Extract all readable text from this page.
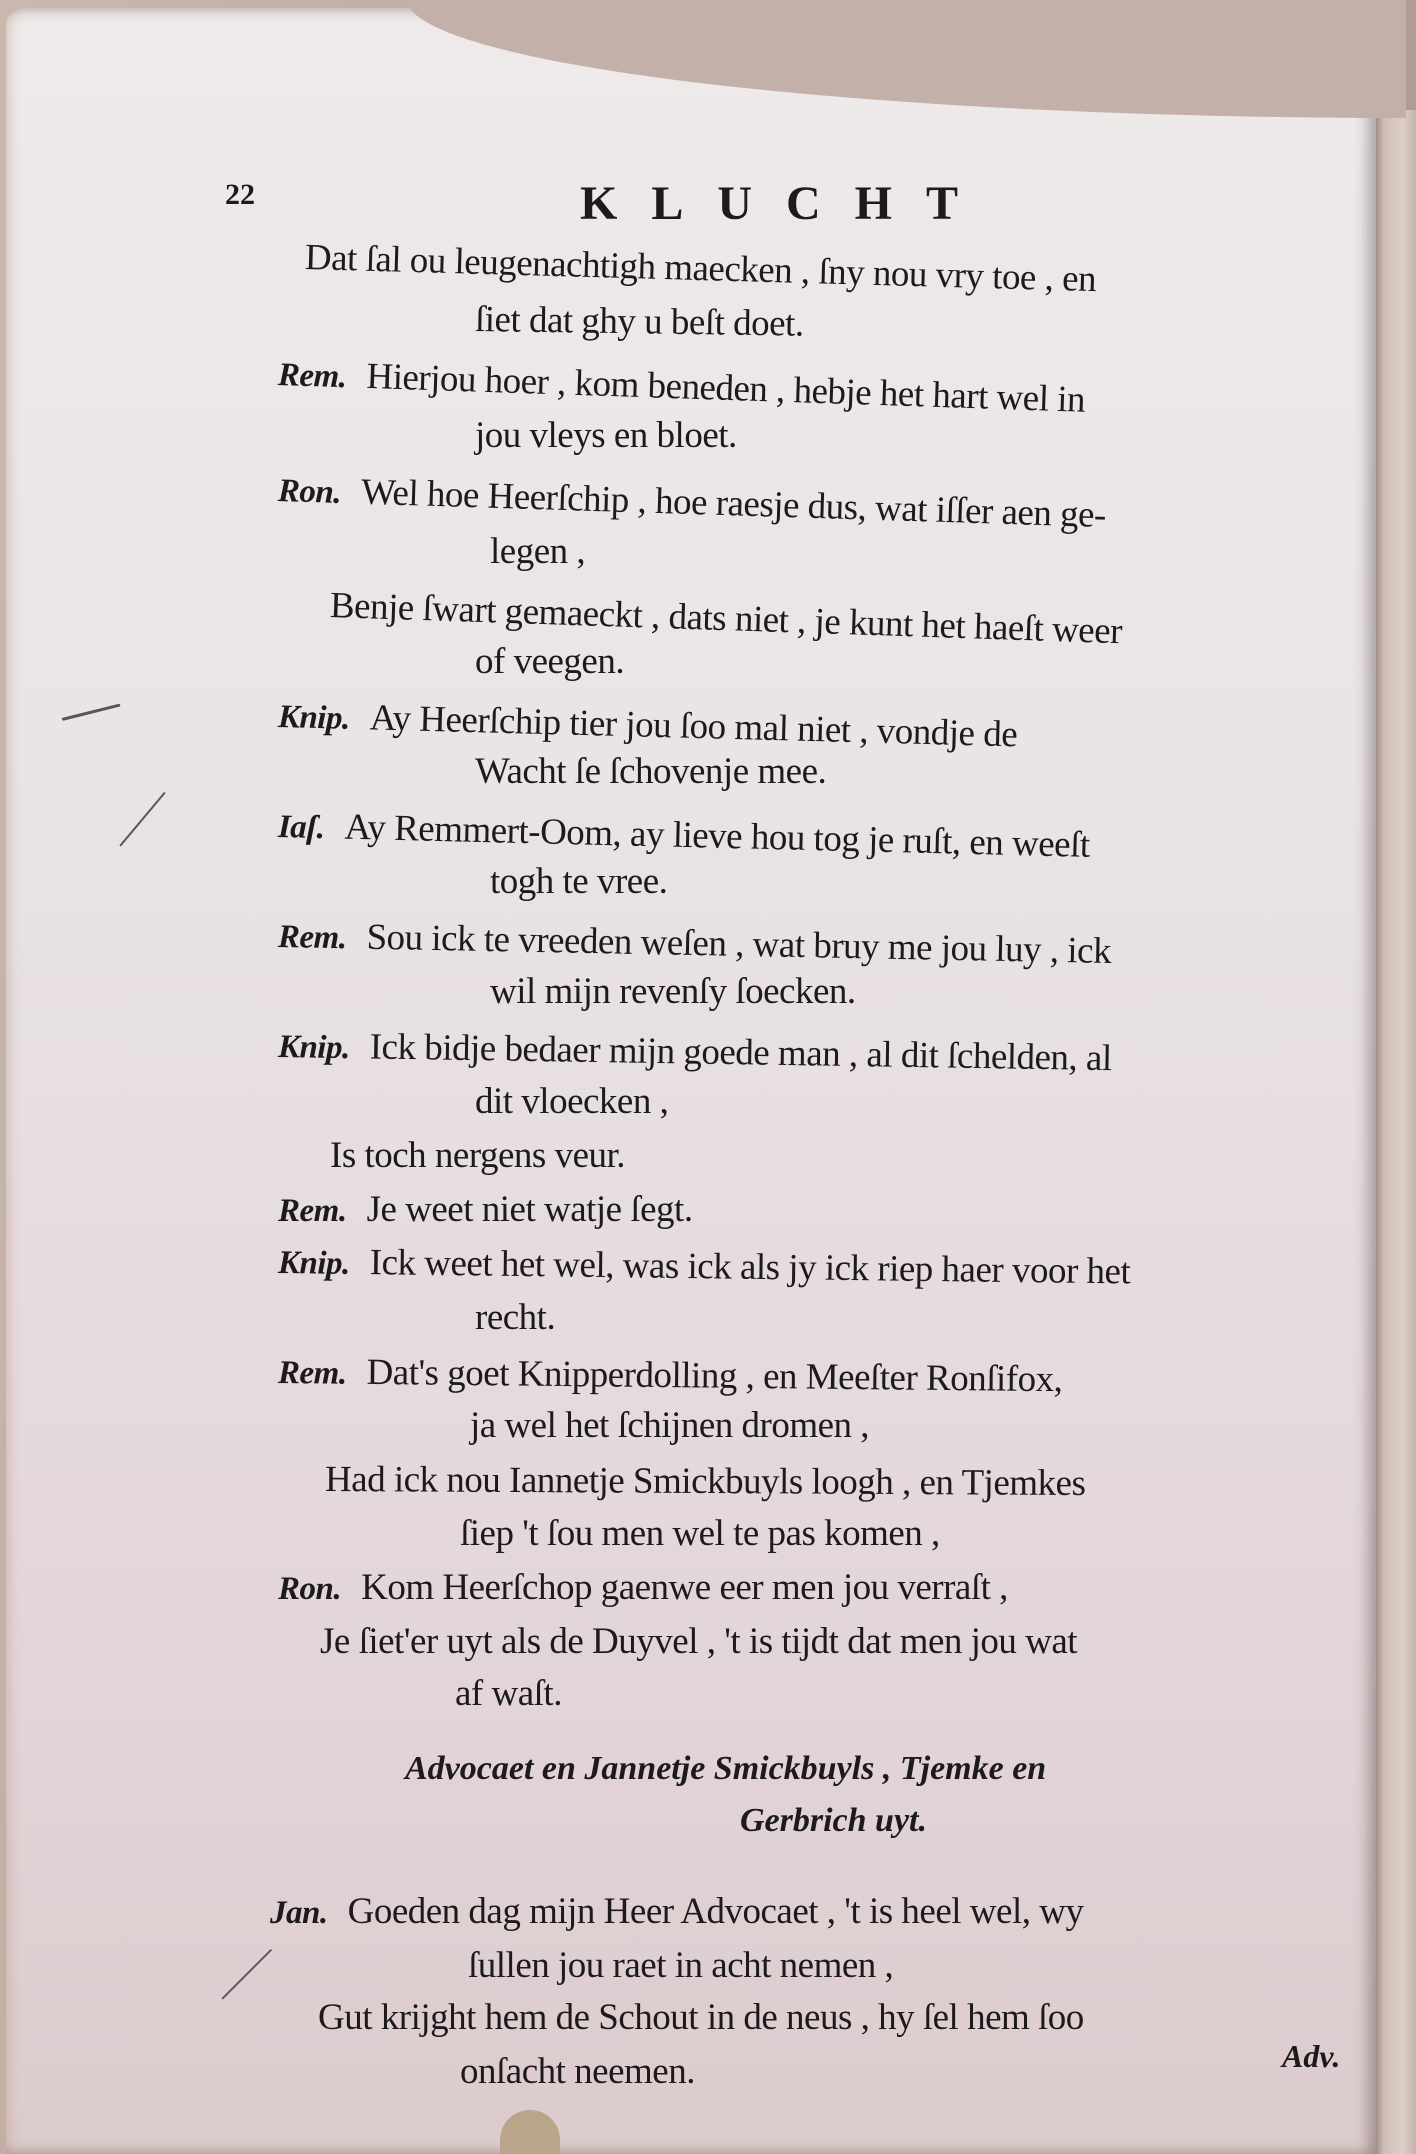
22	KLUCHT
Dat ſal ou leugenachtigh maecken , ſny nou vry toe , en
ſiet dat ghy u beſt doet.
Rem. Hierjou hoer , kom beneden , hebje het hart wel in
jou vleys en bloet.
Ron. Wel hoe Heerſchip , hoe raesje dus, wat iſſer aen ge-
legen ,
Benje ſwart gemaeckt , dats niet , je kunt het haeſt weer
of veegen.
Knip. Ay Heerſchip tier jou ſoo mal niet , vondje de
Wacht ſe ſchovenje mee.
Iaſ. Ay Remmert-Oom, ay lieve hou tog je ruſt, en weeſt
togh te vree.
Rem. Sou ick te vreeden weſen , wat bruy me jou luy , ick
wil mijn revenſy ſoecken.
Knip. Ick bidje bedaer mijn goede man , al dit ſchelden, al
dit vloecken ,
Is toch nergens veur.
Rem. Je weet niet watje ſegt.
Knip. Ick weet het wel, was ick als jy ick riep haer voor het
recht.
Rem. Dat's goet Knipperdolling , en Meeſter Ronſifox,
ja wel het ſchijnen dromen ,
Had ick nou Iannetje Smickbuyls loogh , en Tjemkes
ſiep 't ſou men wel te pas komen ,
Ron. Kom Heerſchop gaenwe eer men jou verraſt ,
Je ſiet'er uyt als de Duyvel , 't is tijdt dat men jou wat
af waſt.
Advocaet en Jannetje Smickbuyls , Tjemke en
Gerbrich uyt.
Jan. Goeden dag mijn Heer Advocaet , 't is heel wel, wy
ſullen jou raet in acht nemen ,
Gut krijght hem de Schout in de neus , hy ſel hem ſoo
onſacht neemen.	Adv.
